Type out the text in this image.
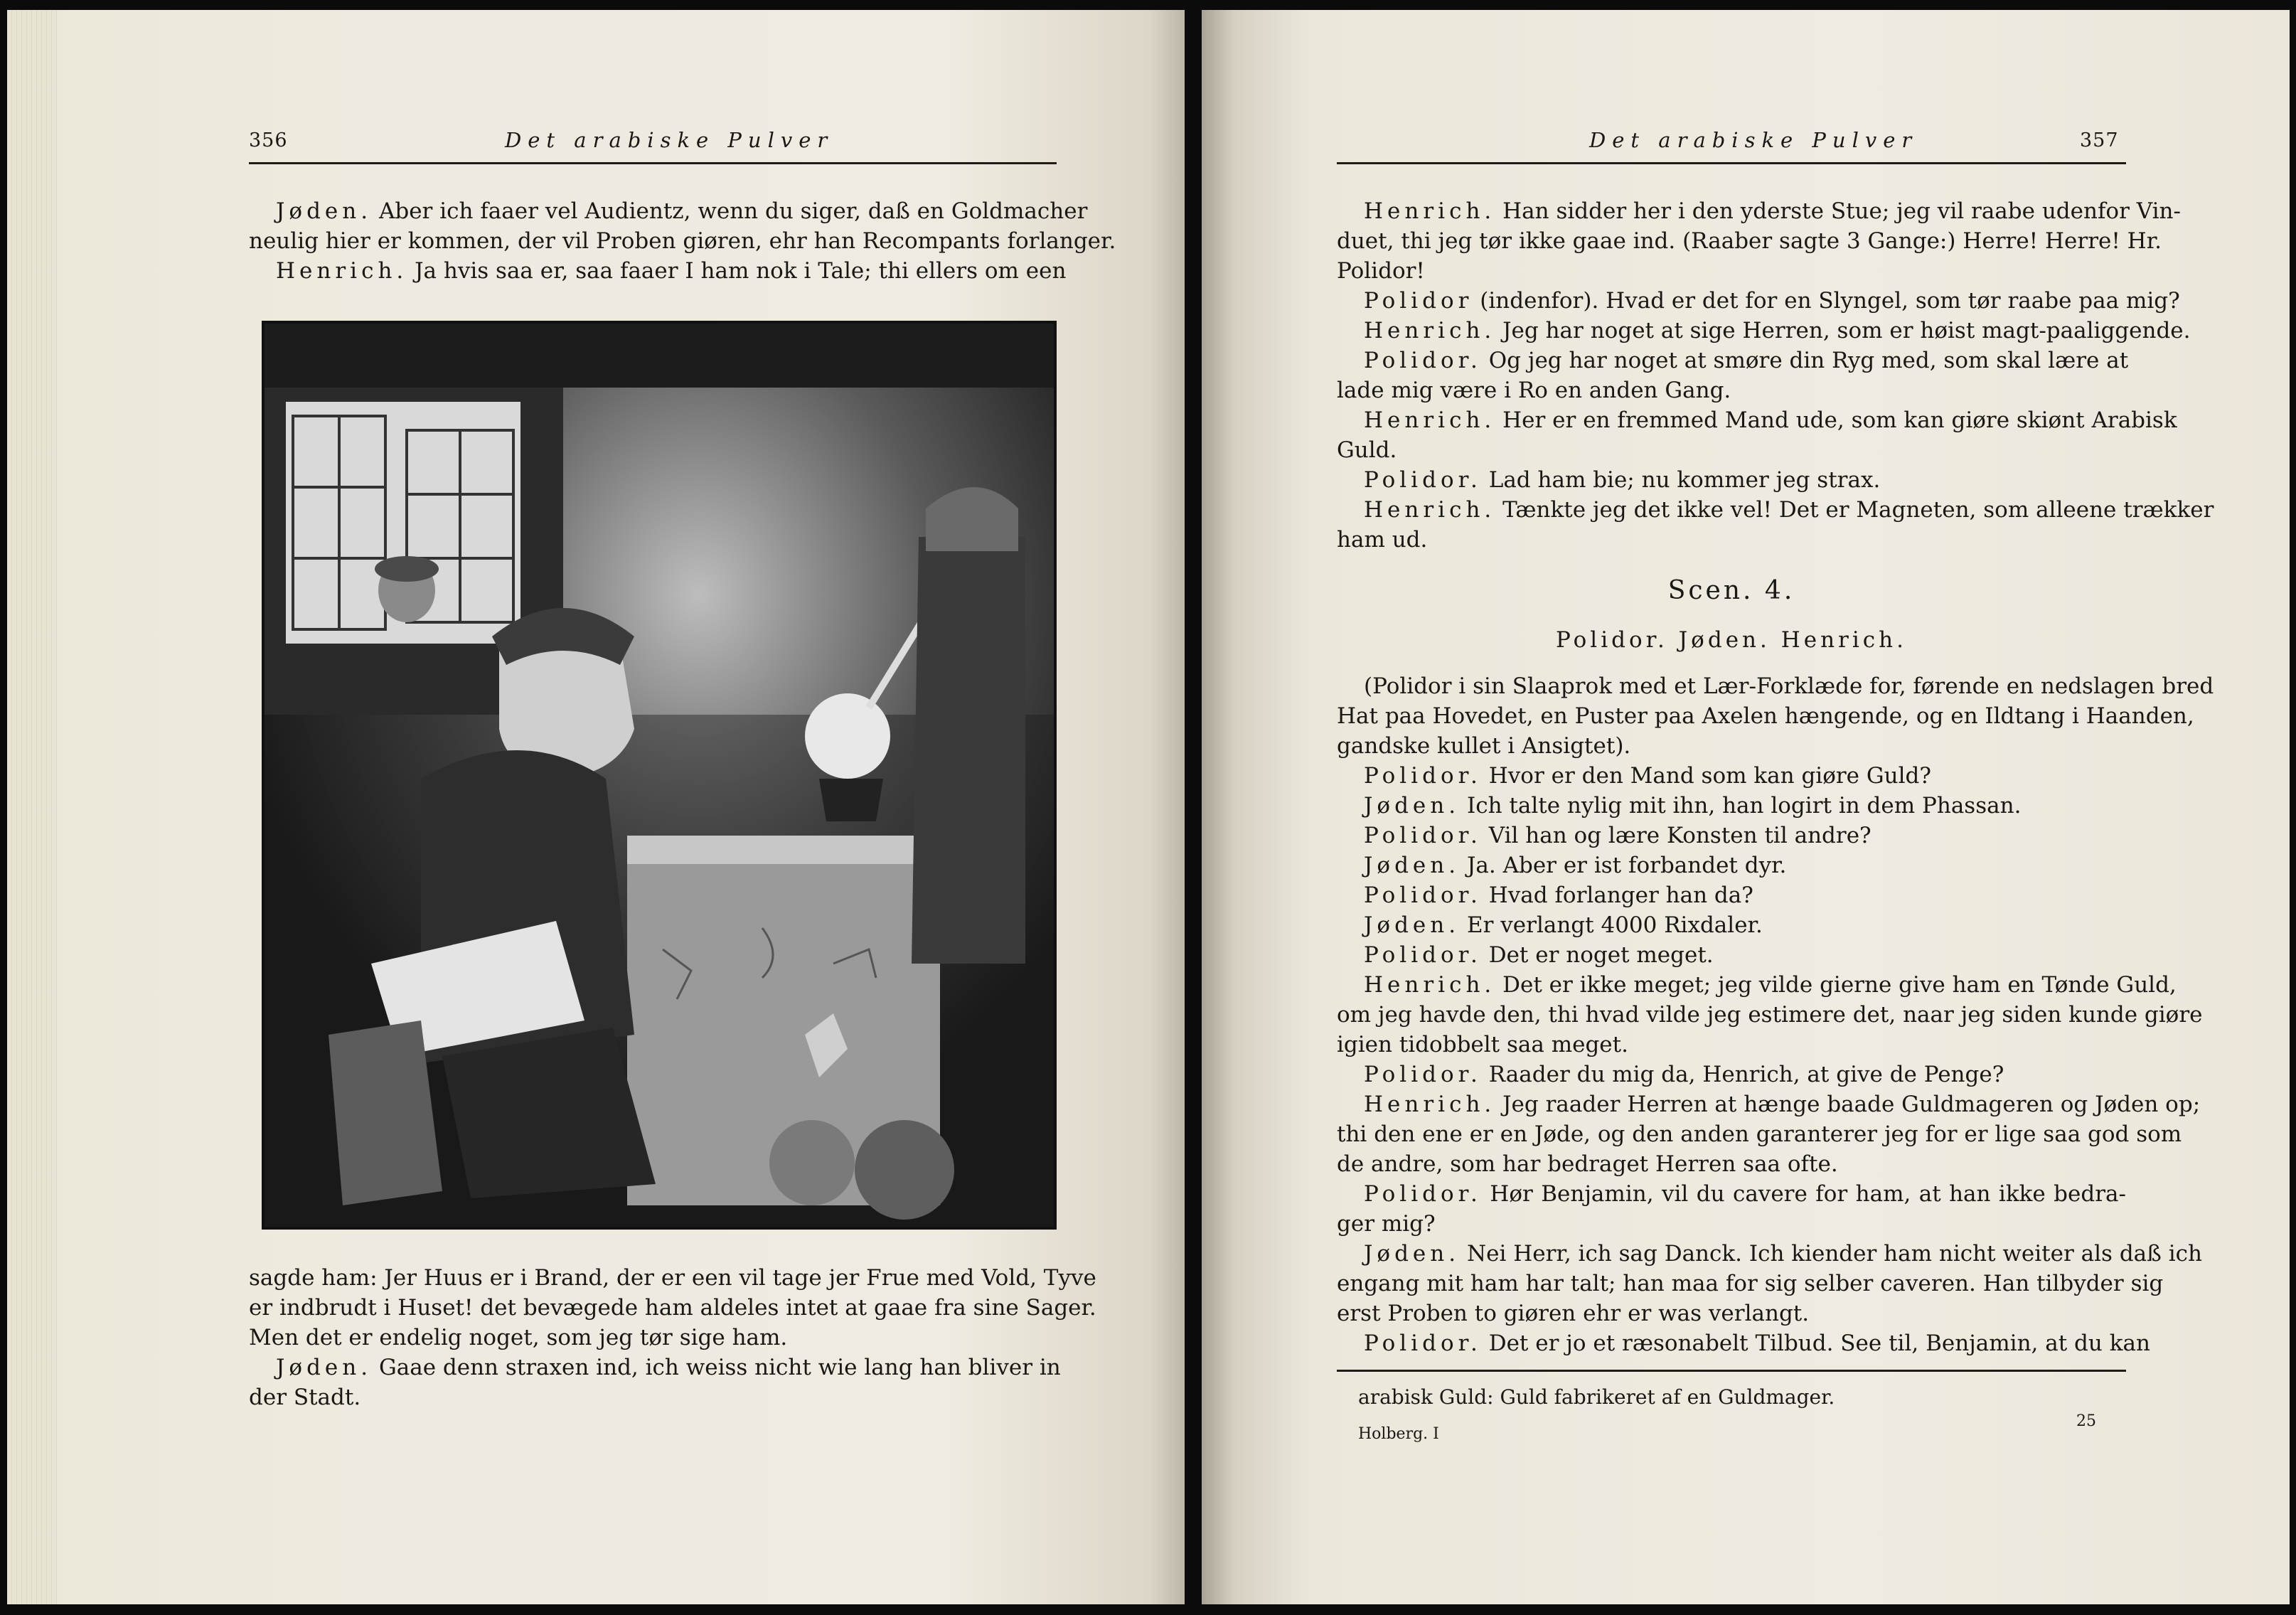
356	Det arabiske Pulver
Jøden. Aber ich faaer vel Audientz, wenn du siger, daß en Goldmacher
neulig hier er kommen, der vil Proben giøren, ehr han Recompants forlanger.
Henrich. Ja hvis saa er, saa faaer I ham nok i Tale; thi ellers om een
sagde ham: Jer Huus er i Brand, der er een vil tage jer Frue med Vold, Tyve
er indbrudt i Huset! det bevægede ham aldeles intet at gaae fra sine Sager.
Men det er endelig noget, som jeg tør sige ham.
Jøden. Gaae denn straxen ind, ich weiss nicht wie lang han bliver in
der Stadt.
Det arabiske Pulver	357
Henrich. Han sidder her i den yderste Stue; jeg vil raabe udenfor Vin-
duet, thi jeg tør ikke gaae ind. (Raaber sagte 3 Gange:) Herre! Herre! Hr.
Polidor!
Polidor (indenfor). Hvad er det for en Slyngel, som tør raabe paa mig?
Henrich. Jeg har noget at sige Herren, som er høist magt-paaliggende.
Polidor. Og jeg har noget at smøre din Ryg med, som skal lære at
lade mig være i Ro en anden Gang.
Henrich. Her er en fremmed Mand ude, som kan giøre skiønt Arabisk
Guld.
Polidor. Lad ham bie; nu kommer jeg strax.
Henrich. Tænkte jeg det ikke vel! Det er Magneten, som alleene trækker
ham ud.
Scen. 4.
Polidor. Jøden. Henrich.
(Polidor i sin Slaaprok med et Lær-Forklæde for, førende en nedslagen bred
Hat paa Hovedet, en Puster paa Axelen hængende, og en Ildtang i Haanden,
gandske kullet i Ansigtet).
Polidor. Hvor er den Mand som kan giøre Guld?
Jøden. Ich talte nylig mit ihn, han logirt in dem Phassan.
Polidor. Vil han og lære Konsten til andre?
Jøden. Ja. Aber er ist forbandet dyr.
Polidor. Hvad forlanger han da?
Jøden. Er verlangt 4000 Rixdaler.
Polidor. Det er noget meget.
Henrich. Det er ikke meget; jeg vilde gierne give ham en Tønde Guld,
om jeg havde den, thi hvad vilde jeg estimere det, naar jeg siden kunde giøre
igien tidobbelt saa meget.
Polidor. Raader du mig da, Henrich, at give de Penge?
Henrich. Jeg raader Herren at hænge baade Guldmageren og Jøden op;
thi den ene er en Jøde, og den anden garanterer jeg for er lige saa god som
de andre, som har bedraget Herren saa ofte.
Polidor. Hør Benjamin, vil du cavere for ham, at han ikke bedra-
ger mig?
Jøden. Nei Herr, ich sag Danck. Ich kiender ham nicht weiter als daß ich
engang mit ham har talt; han maa for sig selber caveren. Han tilbyder sig
erst Proben to giøren ehr er was verlangt.
Polidor. Det er jo et ræsonabelt Tilbud. See til, Benjamin, at du kan
arabisk Guld: Guld fabrikeret af en Guldmager.
Holberg. I
25
